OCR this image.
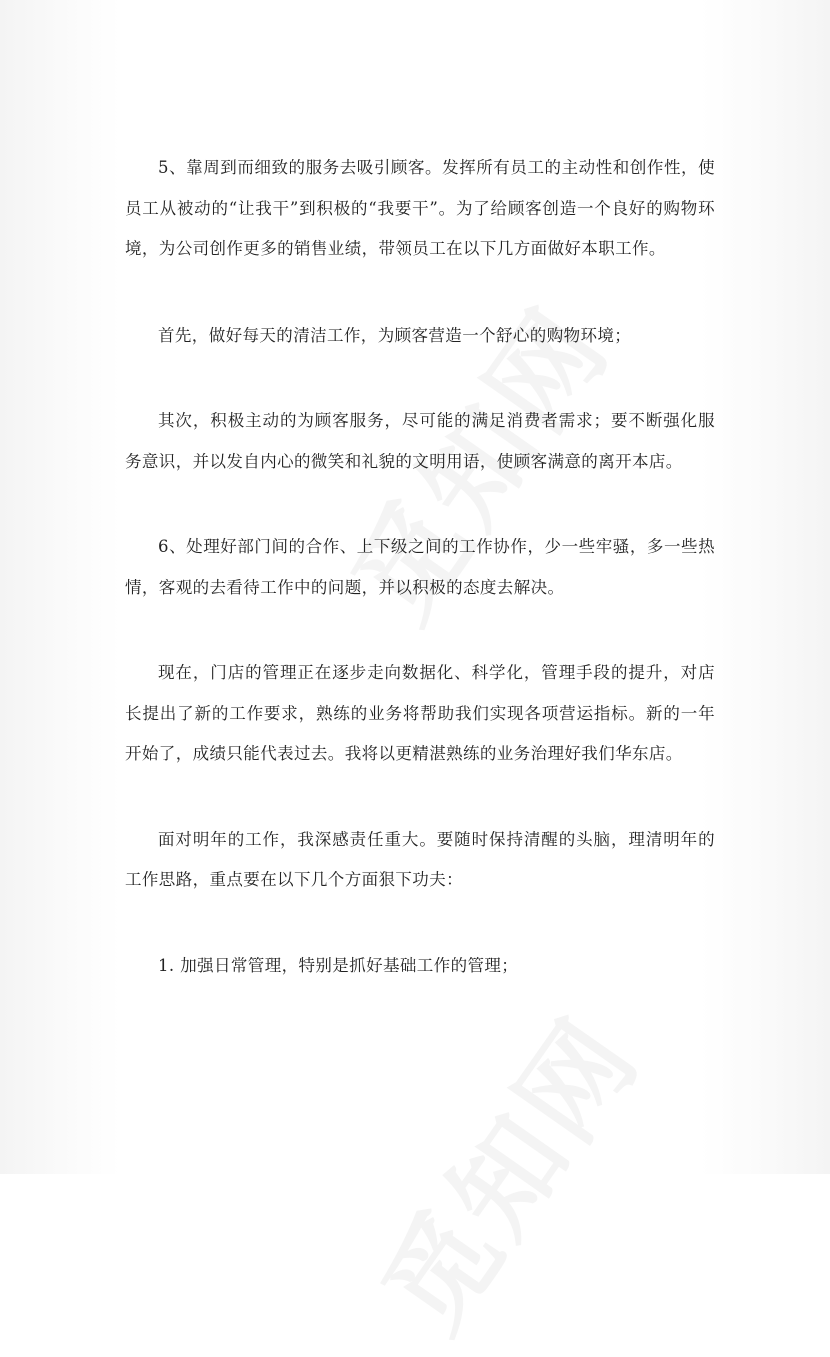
5、靠周到而细致的服务去吸引顾客。发挥所有员工的主动性和创作性，使员工从被动的“让我干”到积极的“我要干”。为了给顾客创造一个良好的购物环境，为公司创作更多的销售业绩，带领员工在以下几方面做好本职工作。

首先，做好每天的清洁工作，为顾客营造一个舒心的购物环境；

其次，积极主动的为顾客服务，尽可能的满足消费者需求；要不断强化服务意识，并以发自内心的微笑和礼貌的文明用语，使顾客满意的离开本店。

6、处理好部门间的合作、上下级之间的工作协作，少一些牢骚，多一些热情，客观的去看待工作中的问题，并以积极的态度去解决。

现在，门店的管理正在逐步走向数据化、科学化，管理手段的提升，对店长提出了新的工作要求，熟练的业务将帮助我们实现各项营运指标。新的一年开始了，成绩只能代表过去。我将以更精湛熟练的业务治理好我们华东店。

面对明年的工作，我深感责任重大。要随时保持清醒的头脑，理清明年的工作思路，重点要在以下几个方面狠下功夫：

1. 加强日常管理，特别是抓好基础工作的管理；
